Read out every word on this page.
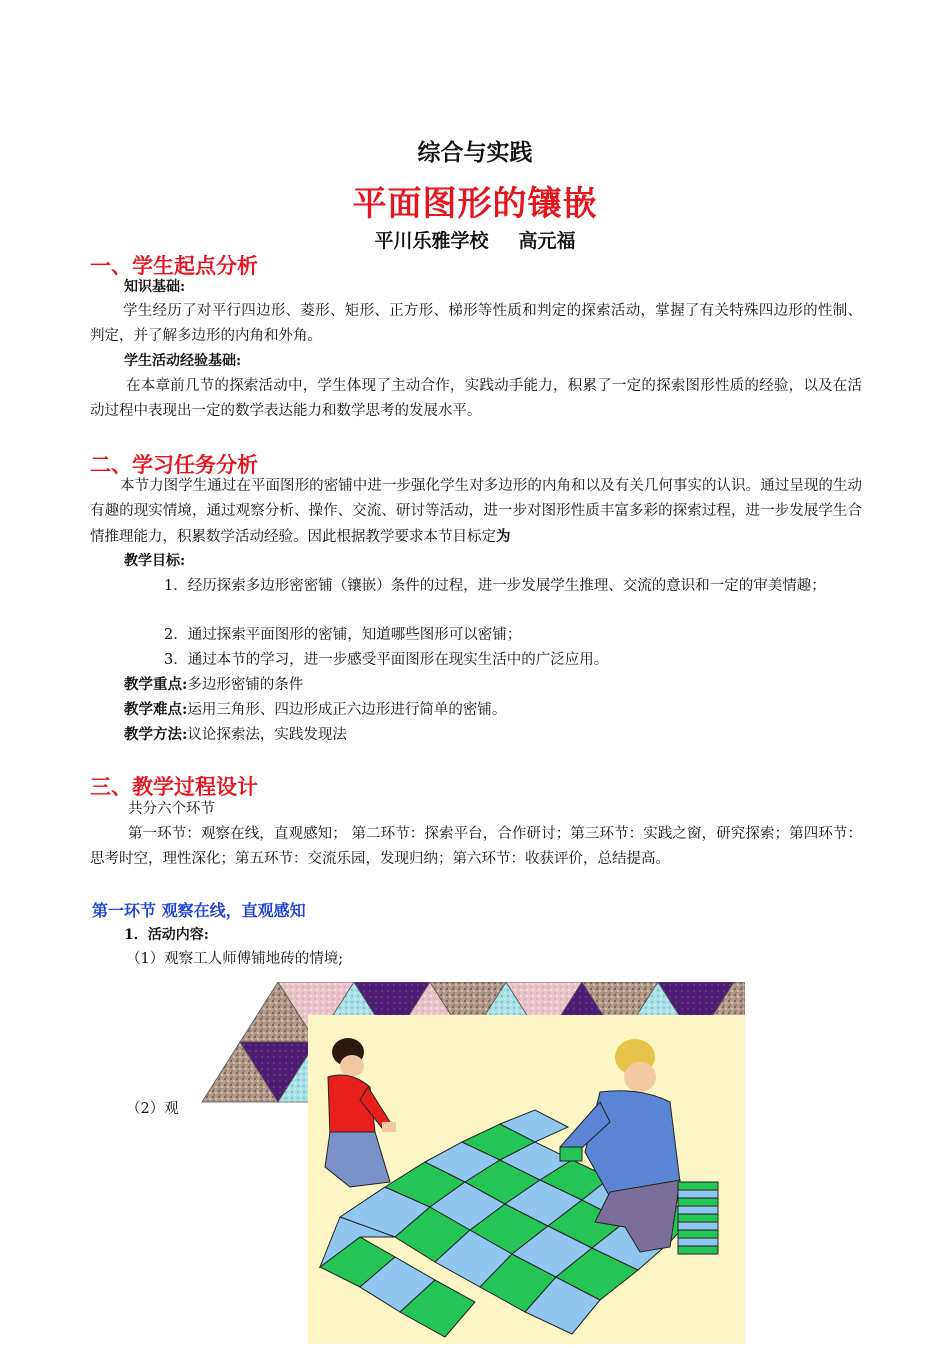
综合与实践
平面图形的镶嵌
平川乐雅学校 高元福
一、学生起点分析
知识基础:
学生经历了对平行四边形、菱形、矩形、正方形、梯形等性质和判定的探索活动，掌握了有关特殊四边形的性制、判定，并了解多边形的内角和外角。
学生活动经验基础:
在本章前几节的探索活动中，学生体现了主动合作，实践动手能力，积累了一定的探索图形性质的经验，以及在活动过程中表现出一定的数学表达能力和数学思考的发展水平。
二、学习任务分析
本节力图学生通过在平面图形的密铺中进一步强化学生对多边形的内角和以及有关几何事实的认识。通过呈现的生动有趣的现实情境，通过观察分析、操作、交流、研讨等活动，进一步对图形性质丰富多彩的探索过程，进一步发展学生合情推理能力，积累数学活动经验。因此根据教学要求本节目标定为
教学目标:
1．经历探索多边形密密铺（镶嵌）条件的过程，进一步发展学生推理、交流的意识和一定的审美情趣；
2．通过探索平面图形的密铺，知道哪些图形可以密铺；
3．通过本节的学习，进一步感受平面图形在现实生活中的广泛应用。
教学重点:多边形密铺的条件
教学难点:运用三角形、四边形成正六边形进行简单的密铺。
教学方法:议论探索法，实践发现法
三、教学过程设计
共分六个环节
第一环节：观察在线，直观感知； 第二环节：探索平台，合作研讨；第三环节：实践之窗，研究探索；第四环节：思考时空，理性深化；第五环节：交流乐园，发现归纳；第六环节：收获评价，总结提高。
第一环节 观察在线，直观感知
1．活动内容:
（1）观察工人师傅铺地砖的情境;
（2）观
